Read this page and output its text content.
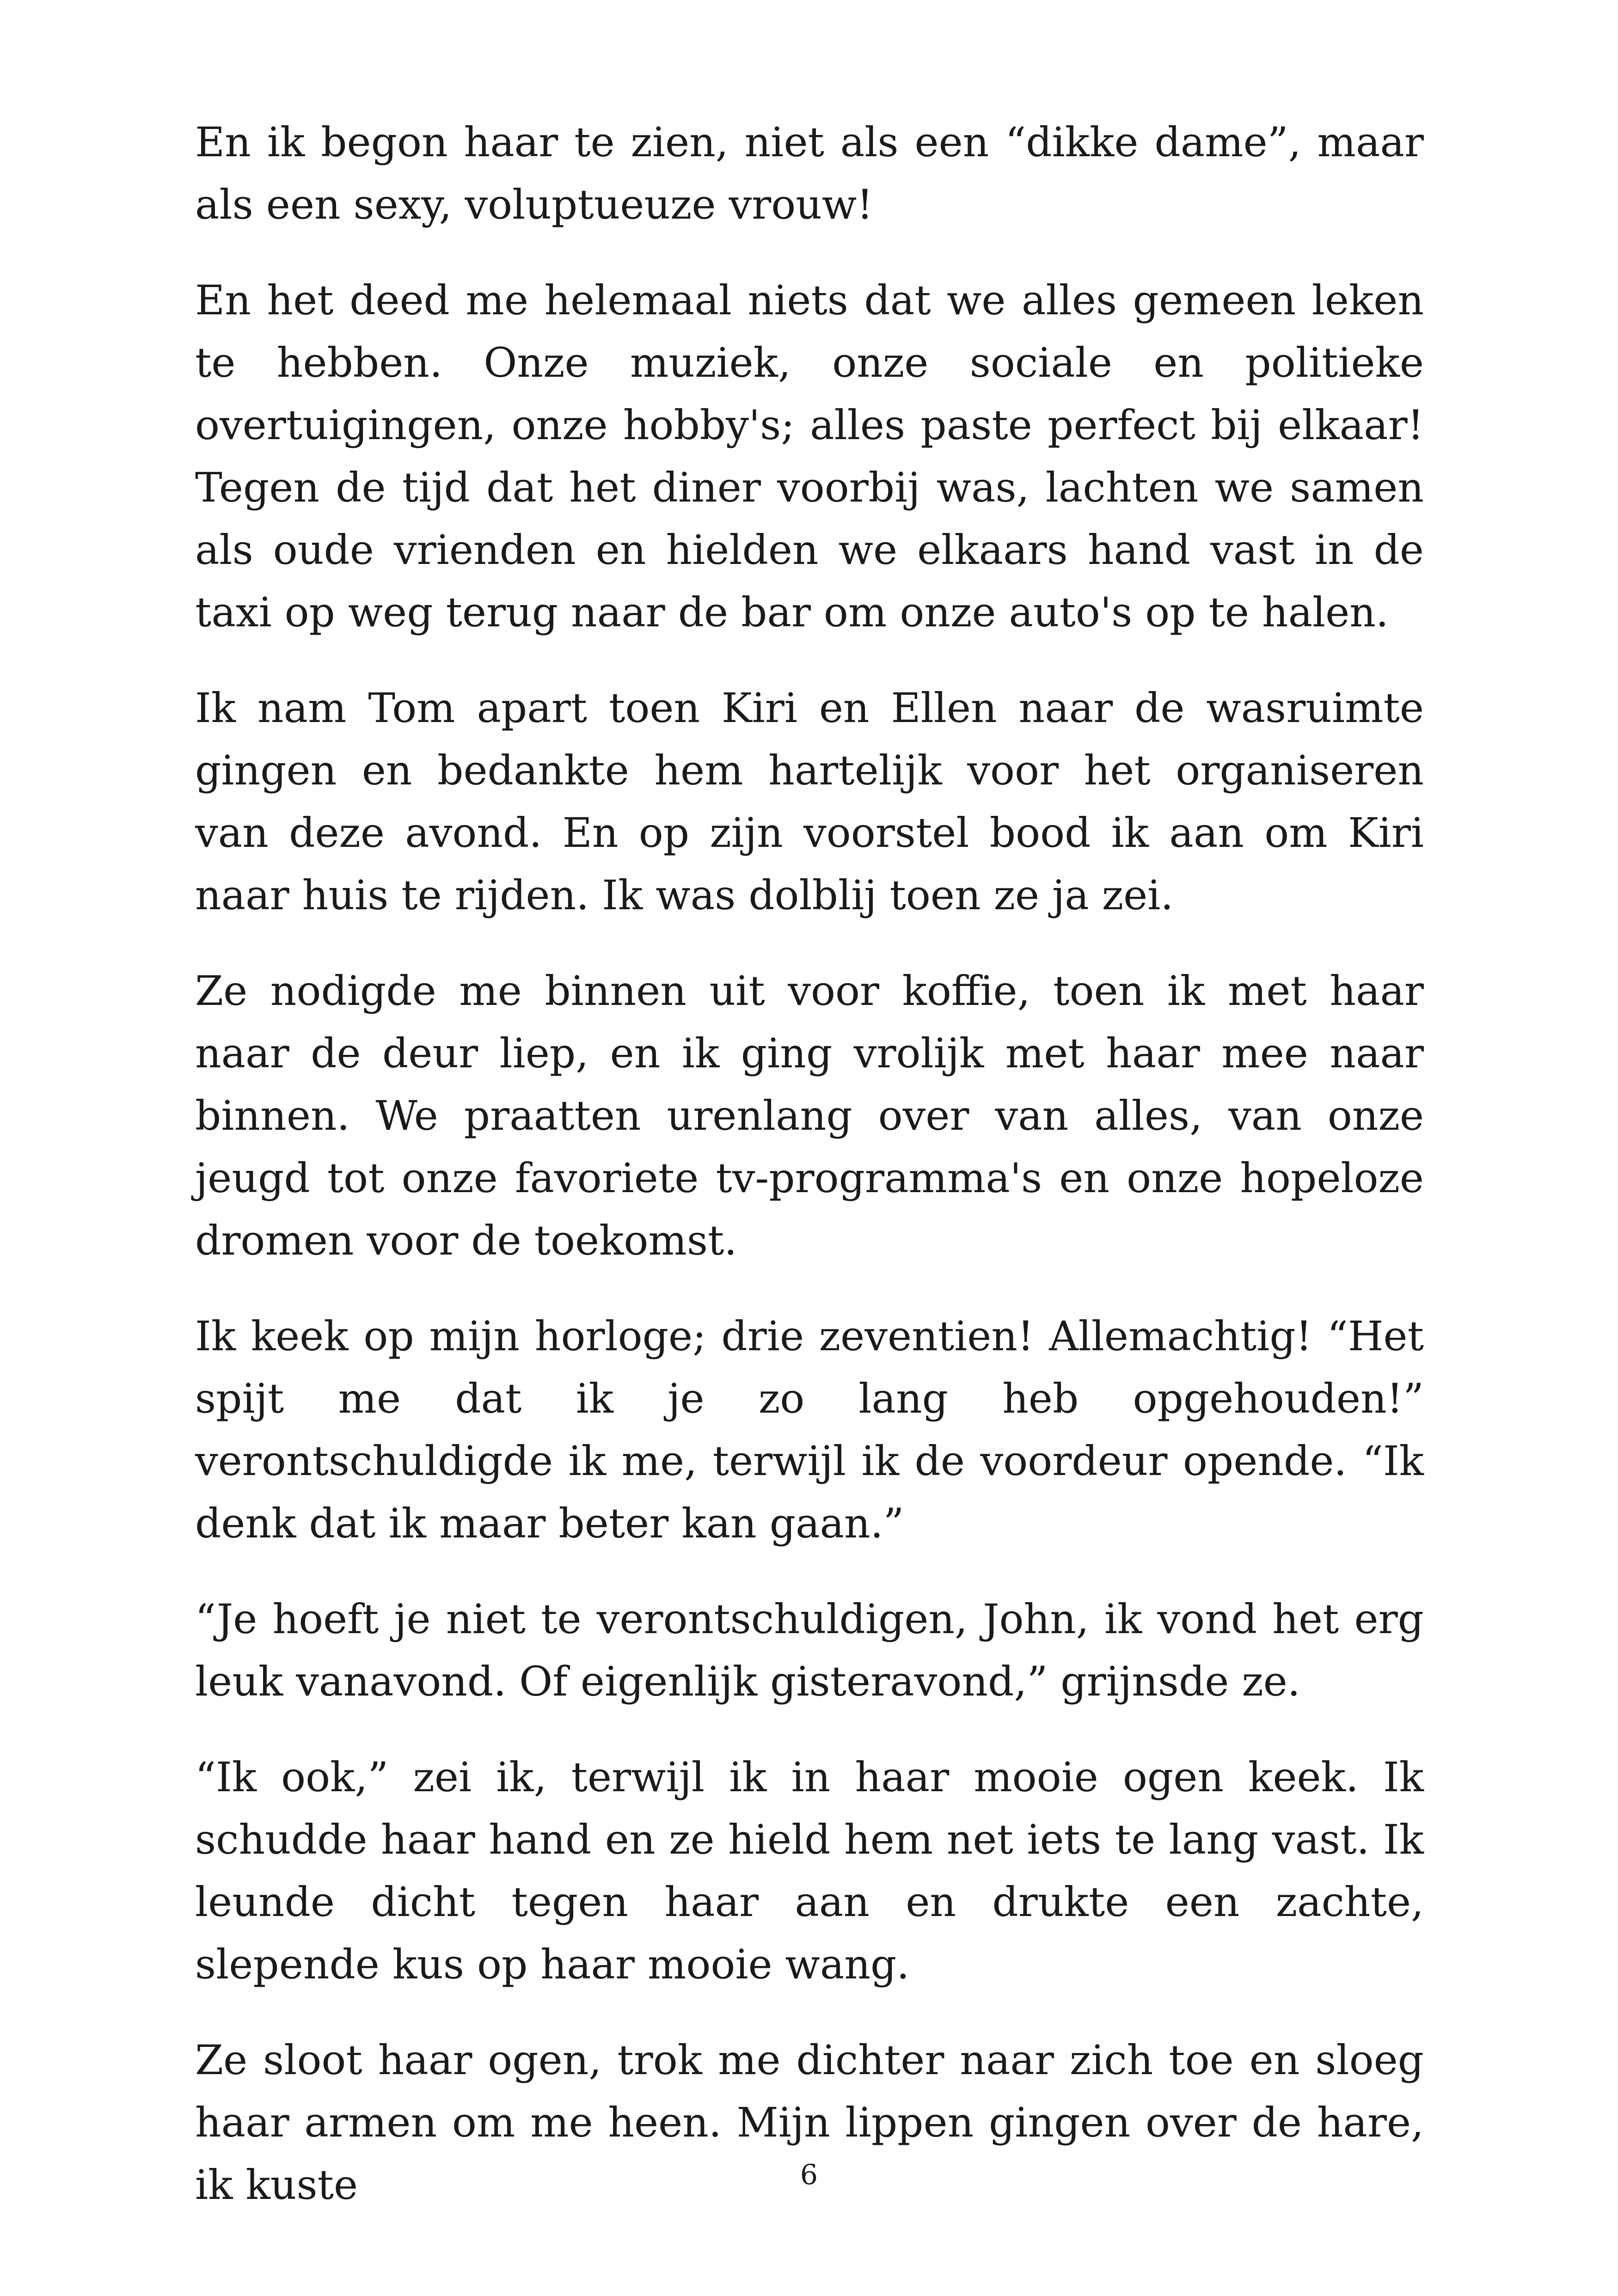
En ik begon haar te zien, niet als een “dikke dame”, maar als een sexy, voluptueuze vrouw!

En het deed me helemaal niets dat we alles gemeen leken te hebben. Onze muziek, onze sociale en politieke overtuigingen, onze hobby's; alles paste perfect bij elkaar! Tegen de tijd dat het diner voorbij was, lachten we samen als oude vrienden en hielden we elkaars hand vast in de taxi op weg terug naar de bar om onze auto's op te halen.

Ik nam Tom apart toen Kiri en Ellen naar de wasruimte gingen en bedankte hem hartelijk voor het organiseren van deze avond. En op zijn voorstel bood ik aan om Kiri naar huis te rijden. Ik was dolblij toen ze ja zei.

Ze nodigde me binnen uit voor koffie, toen ik met haar naar de deur liep, en ik ging vrolijk met haar mee naar binnen. We praatten urenlang over van alles, van onze jeugd tot onze favoriete tv-programma's en onze hopeloze dromen voor de toekomst.

Ik keek op mijn horloge; drie zeventien! Allemachtig! “Het spijt me dat ik je zo lang heb opgehouden!” verontschuldigde ik me, terwijl ik de voordeur opende. “Ik denk dat ik maar beter kan gaan.”

“Je hoeft je niet te verontschuldigen, John, ik vond het erg leuk vanavond. Of eigenlijk gisteravond,” grijnsde ze.

“Ik ook,” zei ik, terwijl ik in haar mooie ogen keek. Ik schudde haar hand en ze hield hem net iets te lang vast. Ik leunde dicht tegen haar aan en drukte een zachte, slepende kus op haar mooie wang.

Ze sloot haar ogen, trok me dichter naar zich toe en sloeg haar armen om me heen. Mijn lippen gingen over de hare, ik kuste	6
